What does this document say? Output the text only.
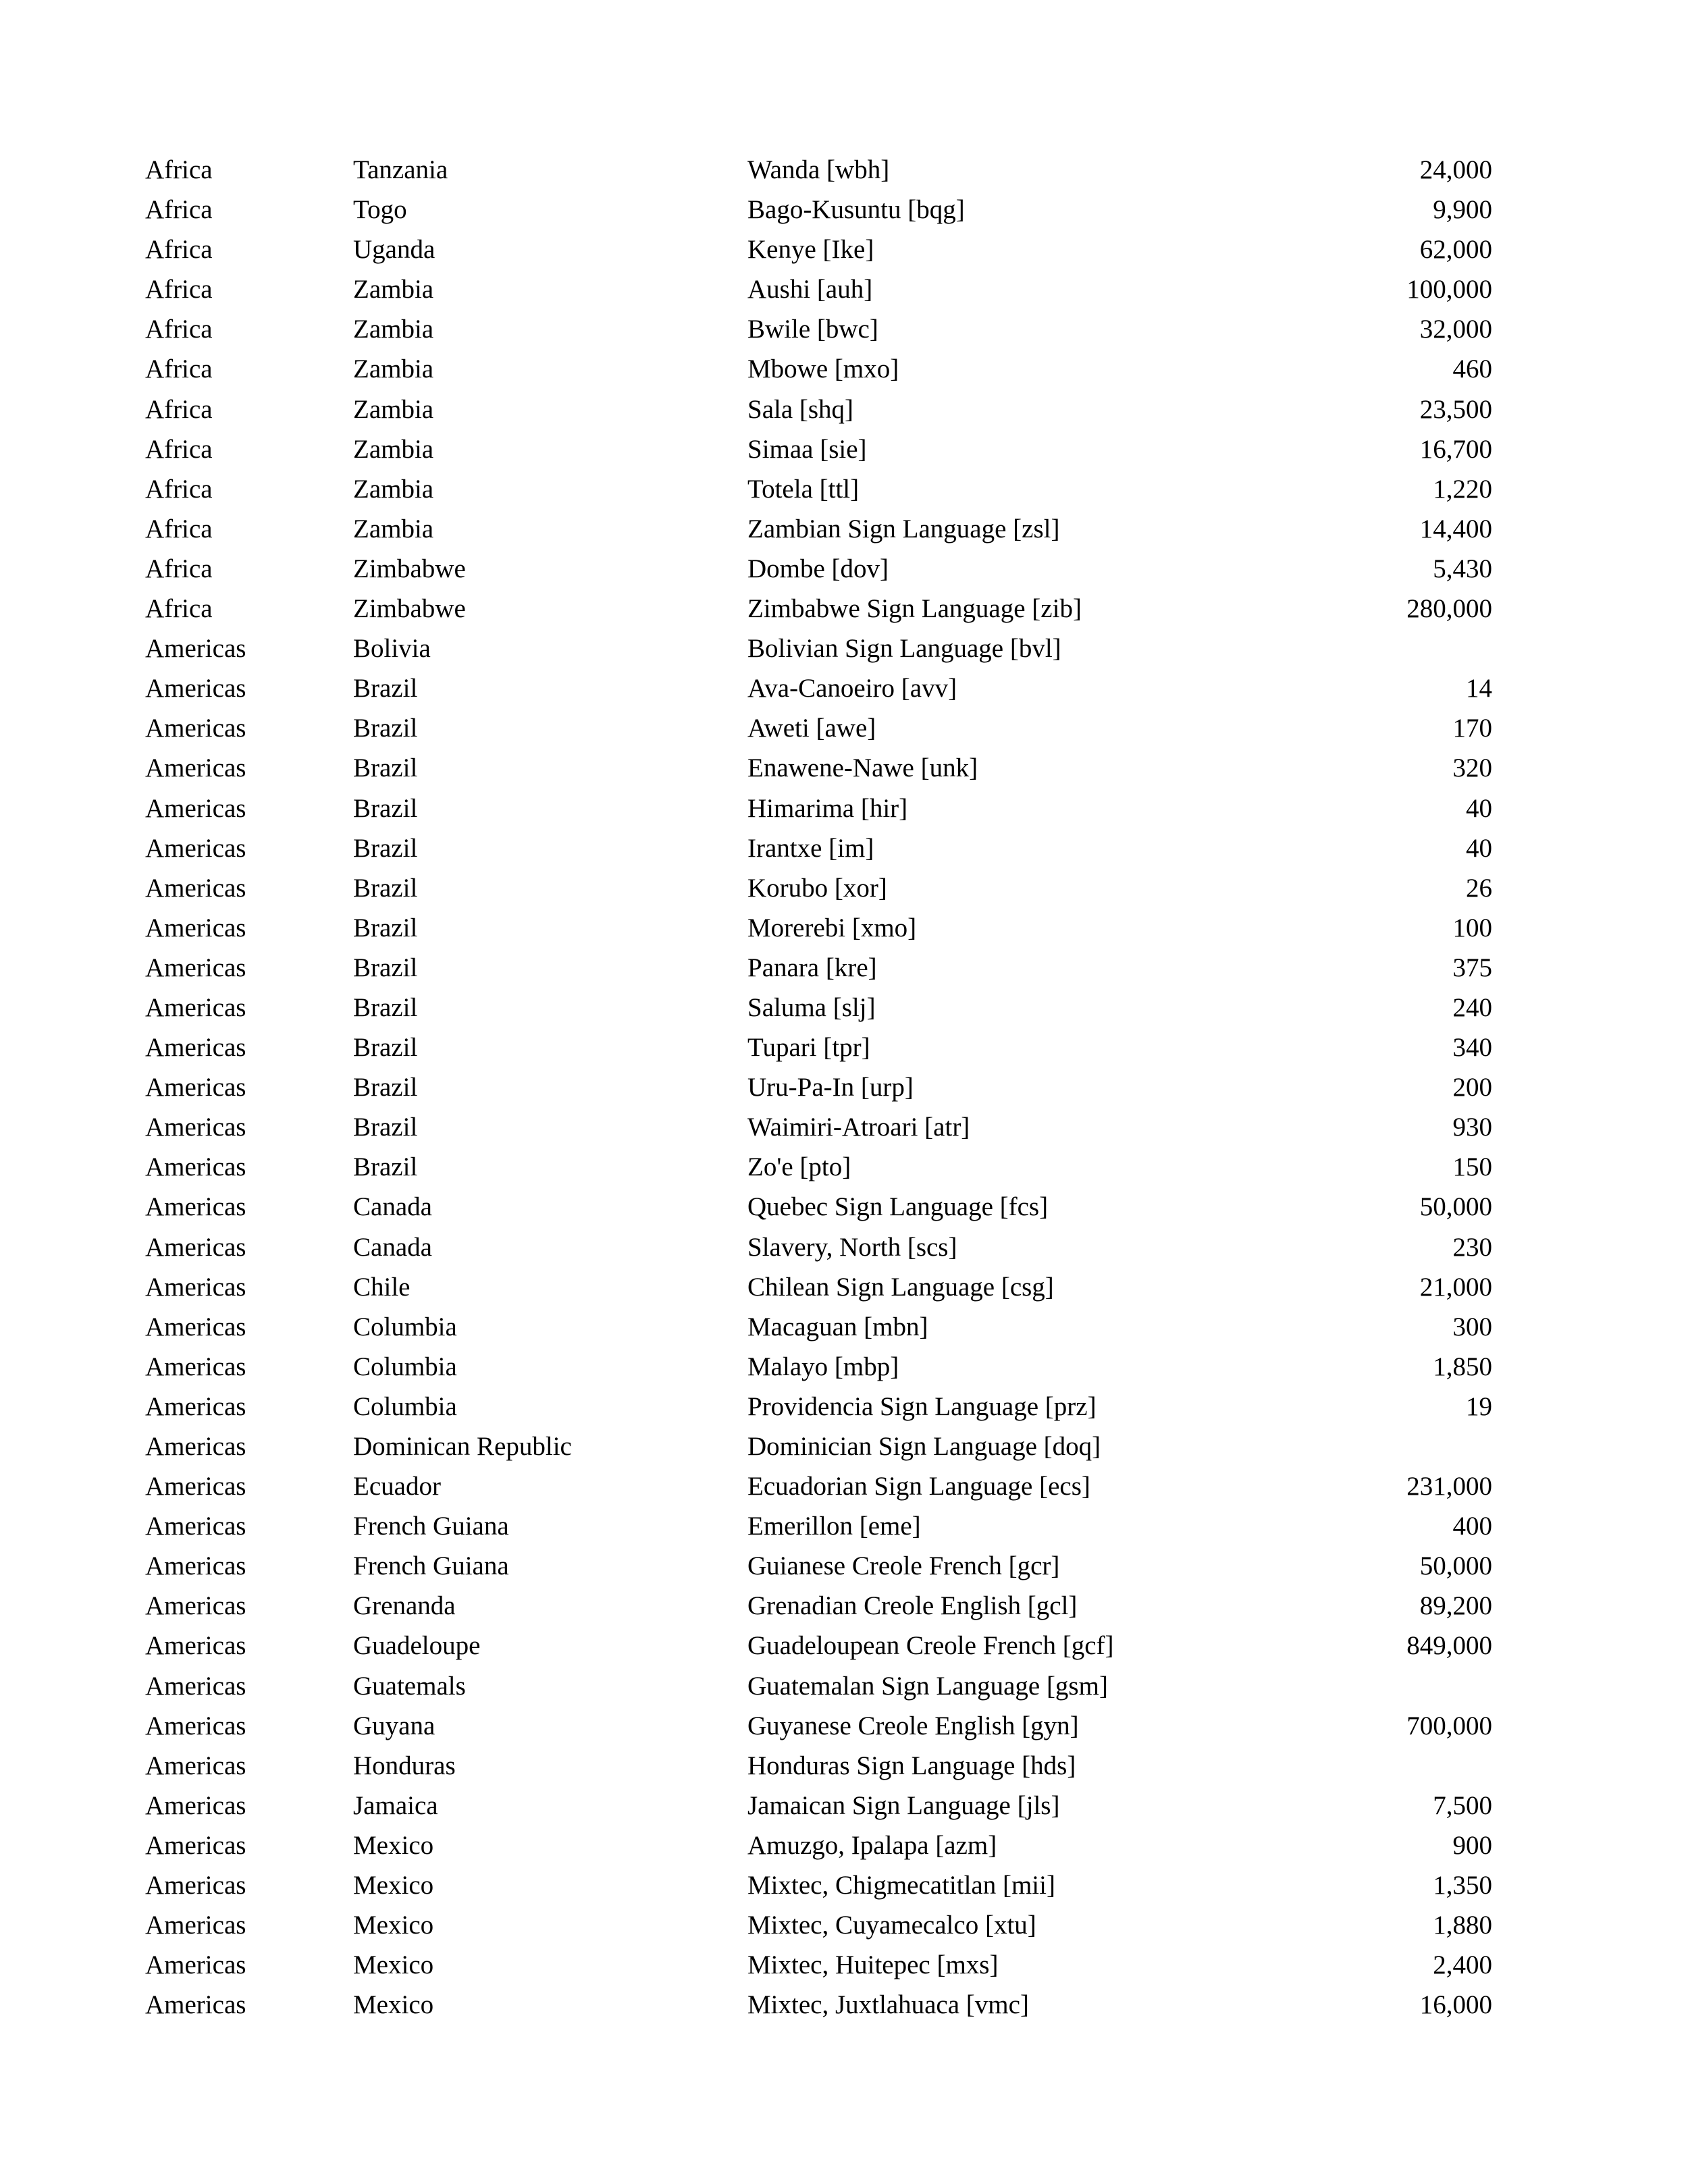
Africa	Tanzania	Wanda [wbh]	24,000
Africa	Togo	Bago-Kusuntu [bqg]	9,900
Africa	Uganda	Kenye [Ike]	62,000
Africa	Zambia	Aushi [auh]	100,000
Africa	Zambia	Bwile [bwc]	32,000
Africa	Zambia	Mbowe [mxo]	460
Africa	Zambia	Sala [shq]	23,500
Africa	Zambia	Simaa [sie]	16,700
Africa	Zambia	Totela [ttl]	1,220
Africa	Zambia	Zambian Sign Language [zsl]	14,400
Africa	Zimbabwe	Dombe [dov]	5,430
Africa	Zimbabwe	Zimbabwe Sign Language [zib]	280,000
Americas	Bolivia	Bolivian Sign Language [bvl]
Americas	Brazil	Ava-Canoeiro [avv]	14
Americas	Brazil	Aweti [awe]	170
Americas	Brazil	Enawene-Nawe [unk]	320
Americas	Brazil	Himarima [hir]	40
Americas	Brazil	Irantxe [im]	40
Americas	Brazil	Korubo [xor]	26
Americas	Brazil	Morerebi [xmo]	100
Americas	Brazil	Panara [kre]	375
Americas	Brazil	Saluma [slj]	240
Americas	Brazil	Tupari [tpr]	340
Americas	Brazil	Uru-Pa-In [urp]	200
Americas	Brazil	Waimiri-Atroari [atr]	930
Americas	Brazil	Zo'e [pto]	150
Americas	Canada	Quebec Sign Language [fcs]	50,000
Americas	Canada	Slavery, North [scs]	230
Americas	Chile	Chilean Sign Language [csg]	21,000
Americas	Columbia	Macaguan [mbn]	300
Americas	Columbia	Malayo [mbp]	1,850
Americas	Columbia	Providencia Sign Language [prz]	19
Americas	Dominican Republic	Dominician Sign Language [doq]
Americas	Ecuador	Ecuadorian Sign Language [ecs]	231,000
Americas	French Guiana	Emerillon [eme]	400
Americas	French Guiana	Guianese Creole French [gcr]	50,000
Americas	Grenanda	Grenadian Creole English [gcl]	89,200
Americas	Guadeloupe	Guadeloupean Creole French [gcf]	849,000
Americas	Guatemals	Guatemalan Sign Language [gsm]
Americas	Guyana	Guyanese Creole English [gyn]	700,000
Americas	Honduras	Honduras Sign Language [hds]
Americas	Jamaica	Jamaican Sign Language [jls]	7,500
Americas	Mexico	Amuzgo, Ipalapa [azm]	900
Americas	Mexico	Mixtec, Chigmecatitlan [mii]	1,350
Americas	Mexico	Mixtec, Cuyamecalco [xtu]	1,880
Americas	Mexico	Mixtec, Huitepec [mxs]	2,400
Americas	Mexico	Mixtec, Juxtlahuaca [vmc]	16,000
